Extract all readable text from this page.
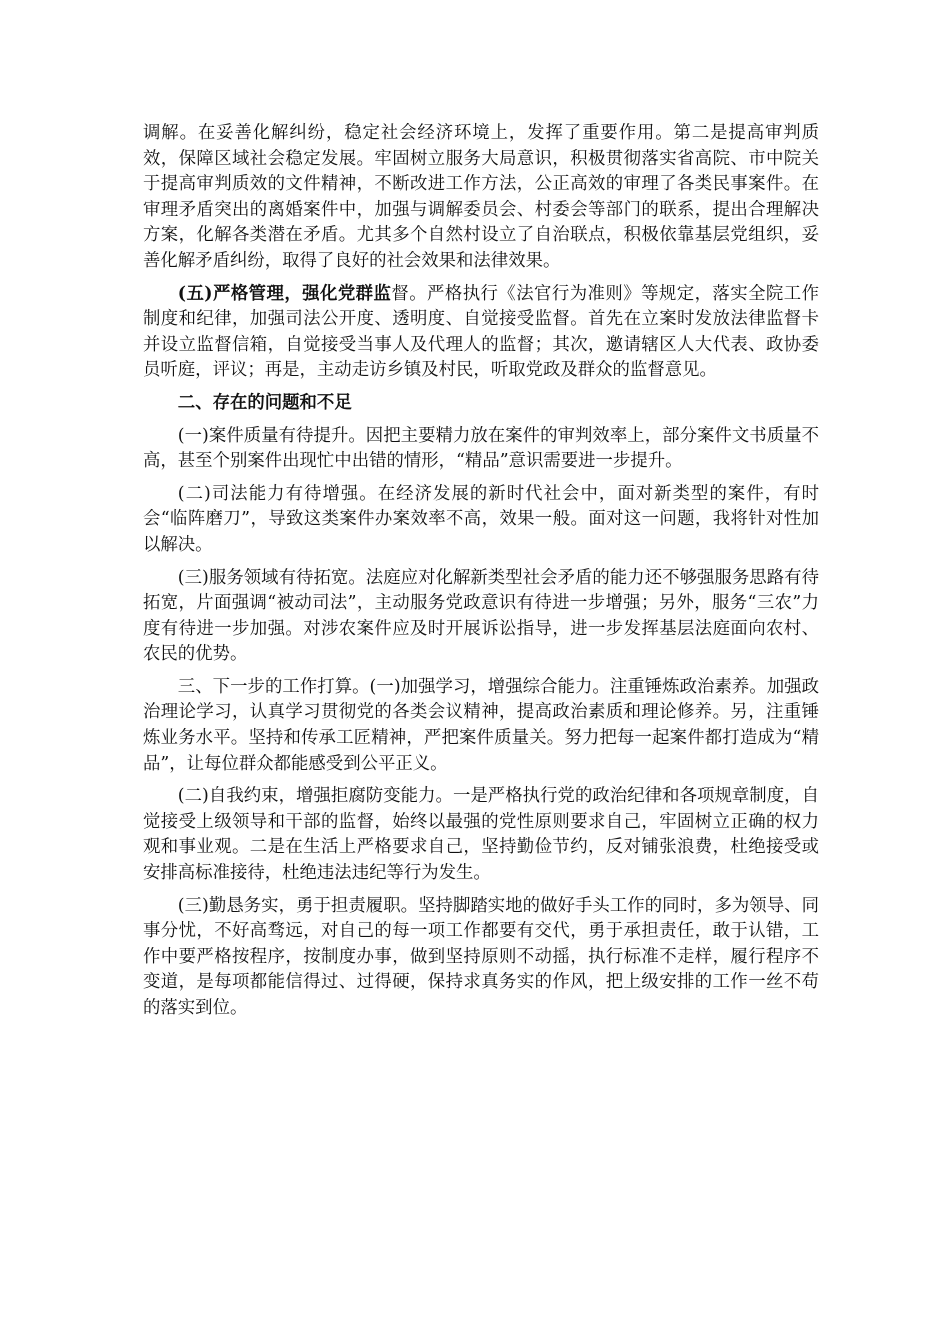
调解。在妥善化解纠纷，稳定社会经济环境上，发挥了重要作用。第二是提高审判质效，保障区域社会稳定发展。牢固树立服务大局意识，积极贯彻落实省高院、市中院关于提高审判质效的文件精神，不断改进工作方法，公正高效的审理了各类民事案件。在审理矛盾突出的离婚案件中，加强与调解委员会、村委会等部门的联系，提出合理解决方案，化解各类潜在矛盾。尤其多个自然村设立了自治联点，积极依靠基层党组织，妥善化解矛盾纠纷，取得了良好的社会效果和法律效果。

(五)严格管理，强化党群监督。严格执行《法官行为准则》等规定，落实全院工作制度和纪律，加强司法公开度、透明度、自觉接受监督。首先在立案时发放法律监督卡并设立监督信箱，自觉接受当事人及代理人的监督；其次，邀请辖区人大代表、政协委员听庭，评议；再是，主动走访乡镇及村民，听取党政及群众的监督意见。

二、存在的问题和不足

(一)案件质量有待提升。因把主要精力放在案件的审判效率上，部分案件文书质量不高，甚至个别案件出现忙中出错的情形，“精品”意识需要进一步提升。

(二)司法能力有待增强。在经济发展的新时代社会中，面对新类型的案件，有时会“临阵磨刀”，导致这类案件办案效率不高，效果一般。面对这一问题，我将针对性加以解决。

(三)服务领域有待拓宽。法庭应对化解新类型社会矛盾的能力还不够强服务思路有待拓宽，片面强调“被动司法”，主动服务党政意识有待进一步增强；另外，服务“三农”力度有待进一步加强。对涉农案件应及时开展诉讼指导，进一步发挥基层法庭面向农村、农民的优势。

三、下一步的工作打算。(一)加强学习，增强综合能力。注重锤炼政治素养。加强政治理论学习，认真学习贯彻党的各类会议精神，提高政治素质和理论修养。另，注重锤炼业务水平。坚持和传承工匠精神，严把案件质量关。努力把每一起案件都打造成为“精品”，让每位群众都能感受到公平正义。

(二)自我约束，增强拒腐防变能力。一是严格执行党的政治纪律和各项规章制度，自觉接受上级领导和干部的监督，始终以最强的党性原则要求自己，牢固树立正确的权力观和事业观。二是在生活上严格要求自己，坚持勤俭节约，反对铺张浪费，杜绝接受或安排高标准接待，杜绝违法违纪等行为发生。

(三)勤恳务实，勇于担责履职。坚持脚踏实地的做好手头工作的同时，多为领导、同事分忧，不好高骛远，对自己的每一项工作都要有交代，勇于承担责任，敢于认错，工作中要严格按程序，按制度办事，做到坚持原则不动摇，执行标准不走样，履行程序不变道，是每项都能信得过、过得硬，保持求真务实的作风，把上级安排的工作一丝不苟的落实到位。
